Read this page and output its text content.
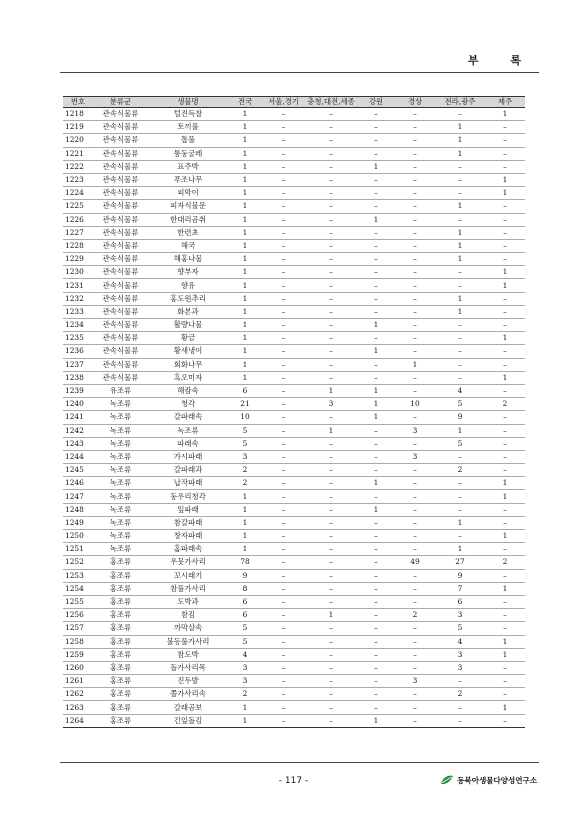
부 록
번호	분류군	생물명	전국	서울,경기	충청,대전,세종	강원	경상	전라,광주	제주
1218	관속식물류	털진득찰	1	–	–	–	–	–	1
1219	관속식물류	토끼풀	1	–	–	–	–	1	–
1220	관속식물류	톱풀	1	–	–	–	–	1	–
1221	관속식물류	퉁둥굴레	1	–	–	–	–	1	–
1222	관속식물류	표주박	1	–	–	1	–	–	–
1223	관속식물류	푸조나무	1	–	–	–	–	–	1
1224	관속식물류	피막이	1	–	–	–	–	–	1
1225	관속식물류	피자식물문	1	–	–	–	–	1	–
1226	관속식물류	한대리곰취	1	–	–	1	–	–	–
1227	관속식물류	한련초	1	–	–	–	–	1	–
1228	관속식물류	해국	1	–	–	–	–	1	–
1229	관속식물류	해홍나물	1	–	–	–	–	1	–
1230	관속식물류	향부자	1	–	–	–	–	–	1
1231	관속식물류	향유	1	–	–	–	–	–	1
1232	관속식물류	홍도원추리	1	–	–	–	–	1	–
1233	관속식물류	화본과	1	–	–	–	–	1	–
1234	관속식물류	활량나물	1	–	–	1	–	–	–
1235	관속식물류	황금	1	–	–	–	–	–	1
1236	관속식물류	황새냉이	1	–	–	1	–	–	–
1237	관속식물류	회화나무	1	–	–	–	1	–	–
1238	관속식물류	흑오미자	1	–	–	–	–	–	1
1239	유조류	해캄속	6	–	1	1	–	4	–
1240	녹조류	청각	21	–	3	1	10	5	2
1241	녹조류	갈파래속	10	–	–	1	–	9	–
1242	녹조류	녹조류	5	–	1	–	3	1	–
1243	녹조류	파래속	5	–	–	–	–	5	–
1244	녹조류	가시파래	3	–	–	–	3	–	–
1245	녹조류	갈파래과	2	–	–	–	–	2	–
1246	녹조류	납작파래	2	–	–	1	–	–	1
1247	녹조류	둥우리청각	1	–	–	–	–	–	1
1248	녹조류	잎파래	1	–	–	1	–	–	–
1249	녹조류	참갈파래	1	–	–	–	–	1	–
1250	녹조류	창자파래	1	–	–	–	–	–	1
1251	녹조류	홈파래속	1	–	–	–	–	1	–
1252	홍조류	우뭇가사리	78	–	–	–	49	27	2
1253	홍조류	꼬시래기	9	–	–	–	–	9	–
1254	홍조류	참풀가사리	8	–	–	–	–	7	1
1255	홍조류	도박과	6	–	–	–	–	6	–
1256	홍조류	참김	6	–	1	–	2	3	–
1257	홍조류	까막살속	5	–	–	–	–	5	–
1258	홍조류	불등풀가사리	5	–	–	–	–	4	1
1259	홍조류	참도박	4	–	–	–	–	3	1
1260	홍조류	돌가사리목	3	–	–	–	–	3	–
1261	홍조류	진두발	3	–	–	–	3	–	–
1262	홍조류	쫄가사리속	2	–	–	–	–	2	–
1263	홍조류	갈래곰보	1	–	–	–	–	–	1
1264	홍조류	긴잎돌김	1	–	–	1	–	–	–
- 117 -	동북아생물다양성연구소
